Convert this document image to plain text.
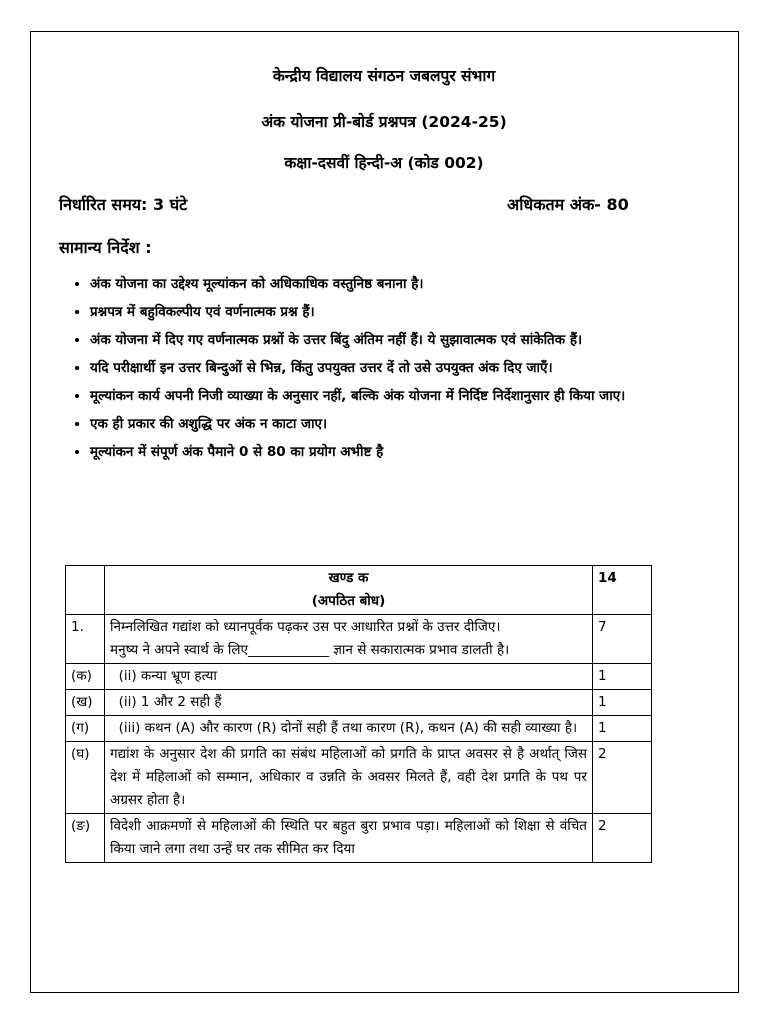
केन्द्रीय विद्यालय संगठन जबलपुर संभाग
अंक योजना प्री-बोर्ड प्रश्नपत्र (2024-25)
कक्षा-दसवीं हिन्दी-अ (कोड 002)
निर्धारित समय: 3 घंटे	अधिकतम अंक- 80
सामान्य निर्देश :
• अंक योजना का उद्देश्य मूल्यांकन को अधिकाधिक वस्तुनिष्ठ बनाना है।
• प्रश्नपत्र में बहुविकल्पीय एवं वर्णनात्मक प्रश्न हैं।
• अंक योजना में दिए गए वर्णनात्मक प्रश्नों के उत्तर बिंदु अंतिम नहीं हैं। ये सुझावात्मक एवं सांकेतिक हैं।
• यदि परीक्षार्थी इन उत्तर बिन्दुओं से भिन्न, किंतु उपयुक्त उत्तर दें तो उसे उपयुक्त अंक दिए जाएँ।
• मूल्यांकन कार्य अपनी निजी व्याख्या के अनुसार नहीं, बल्कि अंक योजना में निर्दिष्ट निर्देशानुसार ही किया जाए।
• एक ही प्रकार की अशुद्धि पर अंक न काटा जाए।
• मूल्यांकन में संपूर्ण अंक पैमाने 0 से 80 का प्रयोग अभीष्ट है

	खण्ड क
(अपठित बोध)	14
1.	निम्नलिखित गद्यांश को ध्यानपूर्वक पढ़कर उस पर आधारित प्रश्नों के उत्तर दीजिए।
मनुष्य ने अपने स्वार्थ के लिए____________ ज्ञान से सकारात्मक प्रभाव डालती है।	7
(क)	(ii) कन्या भ्रूण हत्या	1
(ख)	(ii) 1 और 2 सही हैं	1
(ग)	(iii) कथन (A) और कारण (R) दोनों सही हैं तथा कारण (R), कथन (A) की सही व्याख्या है।	1
(घ)	गद्यांश के अनुसार देश की प्रगति का संबंध महिलाओं को प्रगति के प्राप्त अवसर से है अर्थात् जिस देश में महिलाओं को सम्मान, अधिकार व उन्नति के अवसर मिलते हैं, वही देश प्रगति के पथ पर अग्रसर होता है।	2
(ङ)	विदेशी आक्रमणों से महिलाओं की स्थिति पर बहुत बुरा प्रभाव पड़ा। महिलाओं को शिक्षा से वंचित किया जाने लगा तथा उन्हें घर तक सीमित कर दिया	2
